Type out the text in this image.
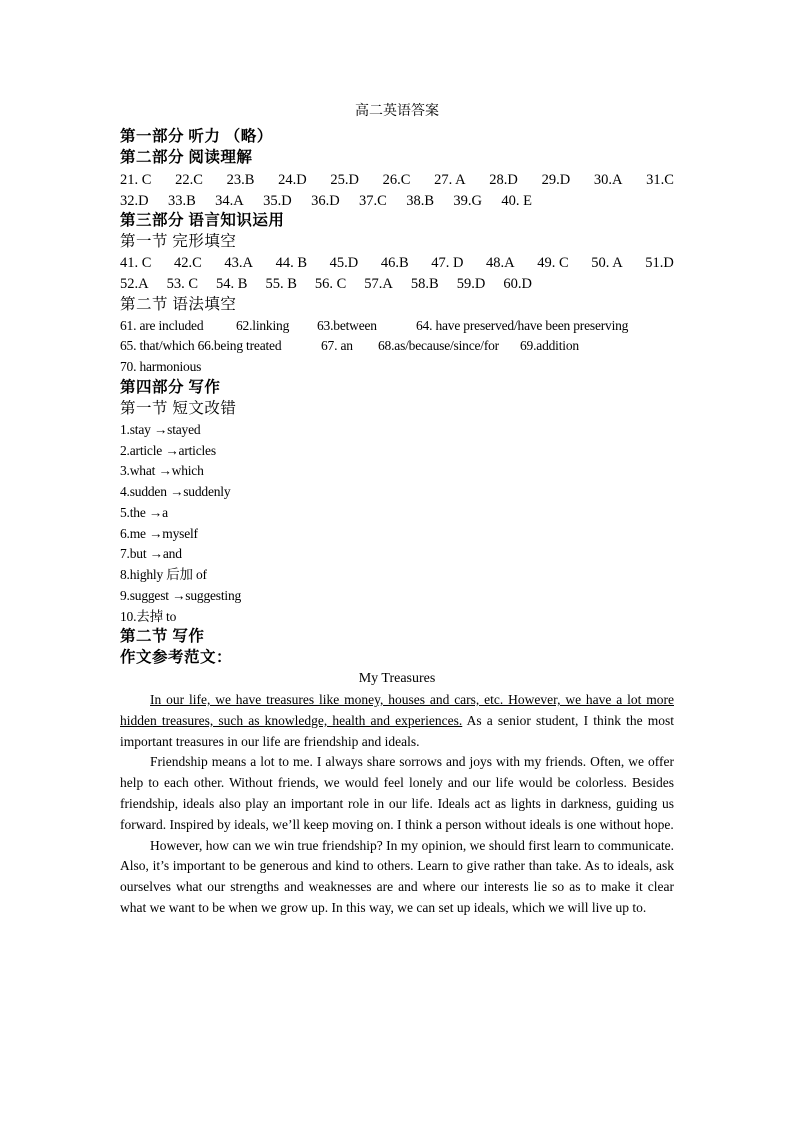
高二英语答案
第一部分 听力 （略）
第二部分 阅读理解
21. C 22.C 23.B 24.D 25.D 26.C 27. A 28.D 29.D 30.A 31.C
32.D 33.B 34.A 35.D 36.D 37.C 38.B 39.G 40. E
第三部分 语言知识运用
第一节 完形填空
41. C 42.C 43.A 44. B 45.D 46.B 47. D 48.A 49. C 50. A 51.D
52.A 53. C 54. B 55. B 56. C 57.A 58.B 59.D 60.D
第二节 语法填空
61. are included 62.linking 63.between	64. have preserved/have been preserving
65. that/which 66.being treated	67. an 68.as/because/since/for 69.addition
70. harmonious
第四部分 写作
第一节 短文改错
1.stay →stayed
2.article →articles
3.what →which
4.sudden →suddenly
5.the →a
6.me →myself
7.but →and
8.highly 后加 of
9.suggest →suggesting
10.去掉 to
第二节 写作
作文参考范文：
My Treasures

In our life, we have treasures like money, houses and cars, etc. However, we have a lot more hidden treasures, such as knowledge, health and experiences. As a senior student, I think the most important treasures in our life are friendship and ideals.

Friendship means a lot to me. I always share sorrows and joys with my friends. Often, we offer help to each other. Without friends, we would feel lonely and our life would be colorless. Besides friendship, ideals also play an important role in our life. Ideals act as lights in darkness, guiding us forward. Inspired by ideals, we’ll keep moving on. I think a person without ideals is one without hope.

However, how can we win true friendship? In my opinion, we should first learn to communicate. Also, it’s important to be generous and kind to others. Learn to give rather than take. As to ideals, ask ourselves what our strengths and weaknesses are and where our interests lie so as to make it clear what we want to be when we grow up. In this way, we can set up ideals, which we will live up to.
